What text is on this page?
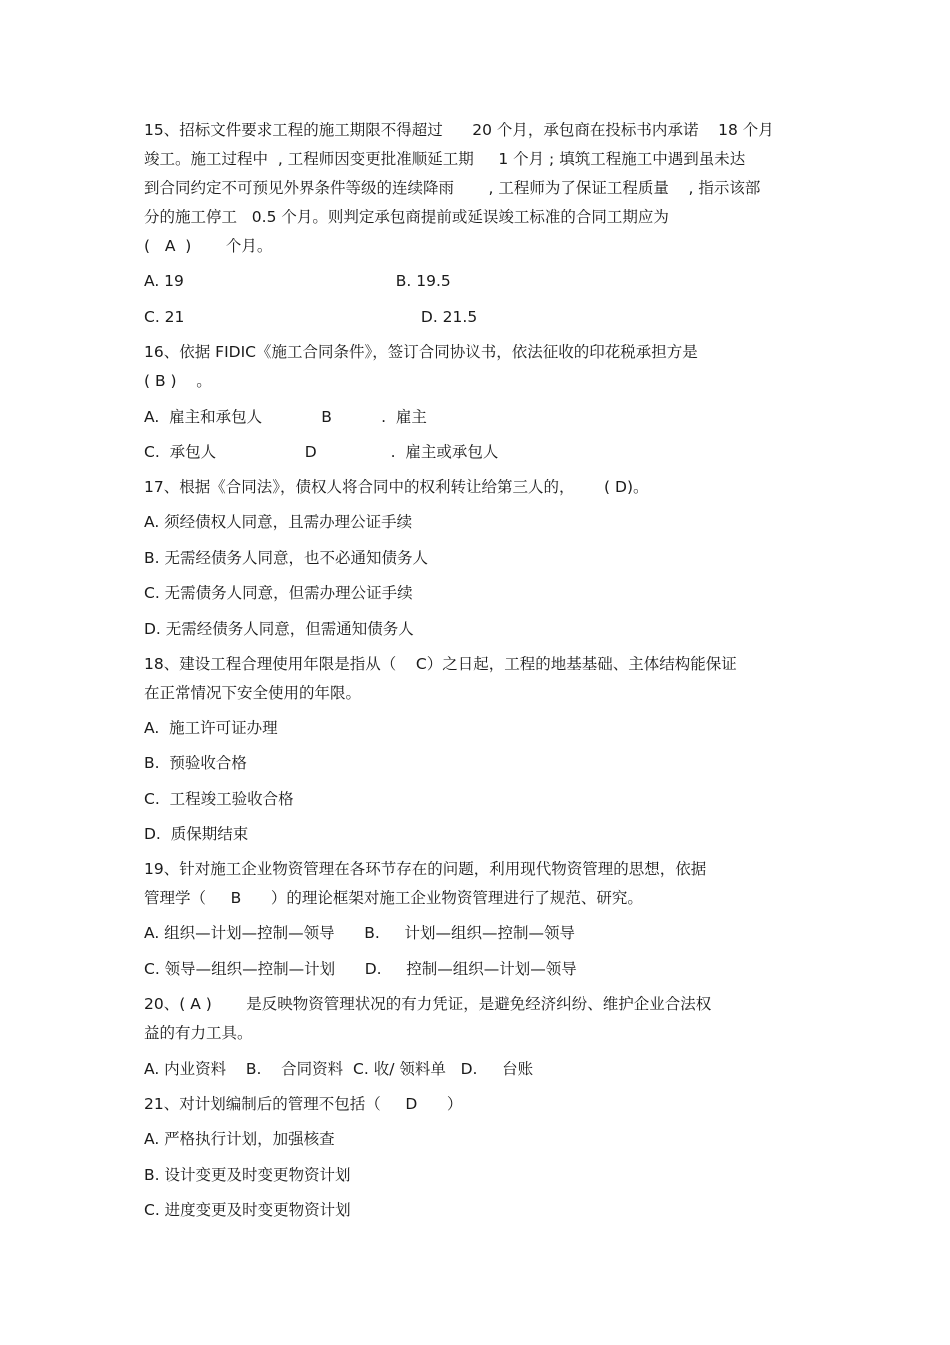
15、招标文件要求工程的施工期限不得超过      20 个月，承包商在投标书内承诺    18 个月
竣工。施工过程中  , 工程师因变更批准顺延工期     1 个月 ; 填筑工程施工中遇到虽未达
到合同约定不可预见外界条件等级的连续降雨       , 工程师为了保证工程质量    , 指示该部
分的施工停工   0.5 个月。则判定承包商提前或延误竣工标准的合同工期应为
(   A  )       个月。
A. 19                                           B. 19.5
C. 21                                                D. 21.5
16、依据 FIDIC《施工合同条件》，签订合同协议书，依法征收的印花税承担方是
( B )    。
A.  雇主和承包人            B          .  雇主
C.  承包人                  D               .  雇主或承包人
17、根据《合同法》，债权人将合同中的权利转让给第三人的，      ( D)。
A. 须经债权人同意，且需办理公证手续
B. 无需经债务人同意，也不必通知债务人
C. 无需债务人同意，但需办理公证手续
D. 无需经债务人同意，但需通知债务人
18、建设工程合理使用年限是指从（    C）之日起，工程的地基基础、主体结构能保证
在正常情况下安全使用的年限。
A.  施工许可证办理
B.  预验收合格
C.  工程竣工验收合格
D.  质保期结束
19、针对施工企业物资管理在各环节存在的问题，利用现代物资管理的思想，依据
管理学（     B      ）的理论框架对施工企业物资管理进行了规范、研究。
A. 组织—计划—控制—领导      B.     计划—组织—控制—领导
C. 领导—组织—控制—计划      D.     控制—组织—计划—领导
20、( A )       是反映物资管理状况的有力凭证，是避免经济纠纷、维护企业合法权
益的有力工具。
A. 内业资料    B.    合同资料  C. 收/ 领料单   D.     台账
21、对计划编制后的管理不包括（     D      ）
A. 严格执行计划，加强核查
B. 设计变更及时变更物资计划
C. 进度变更及时变更物资计划
